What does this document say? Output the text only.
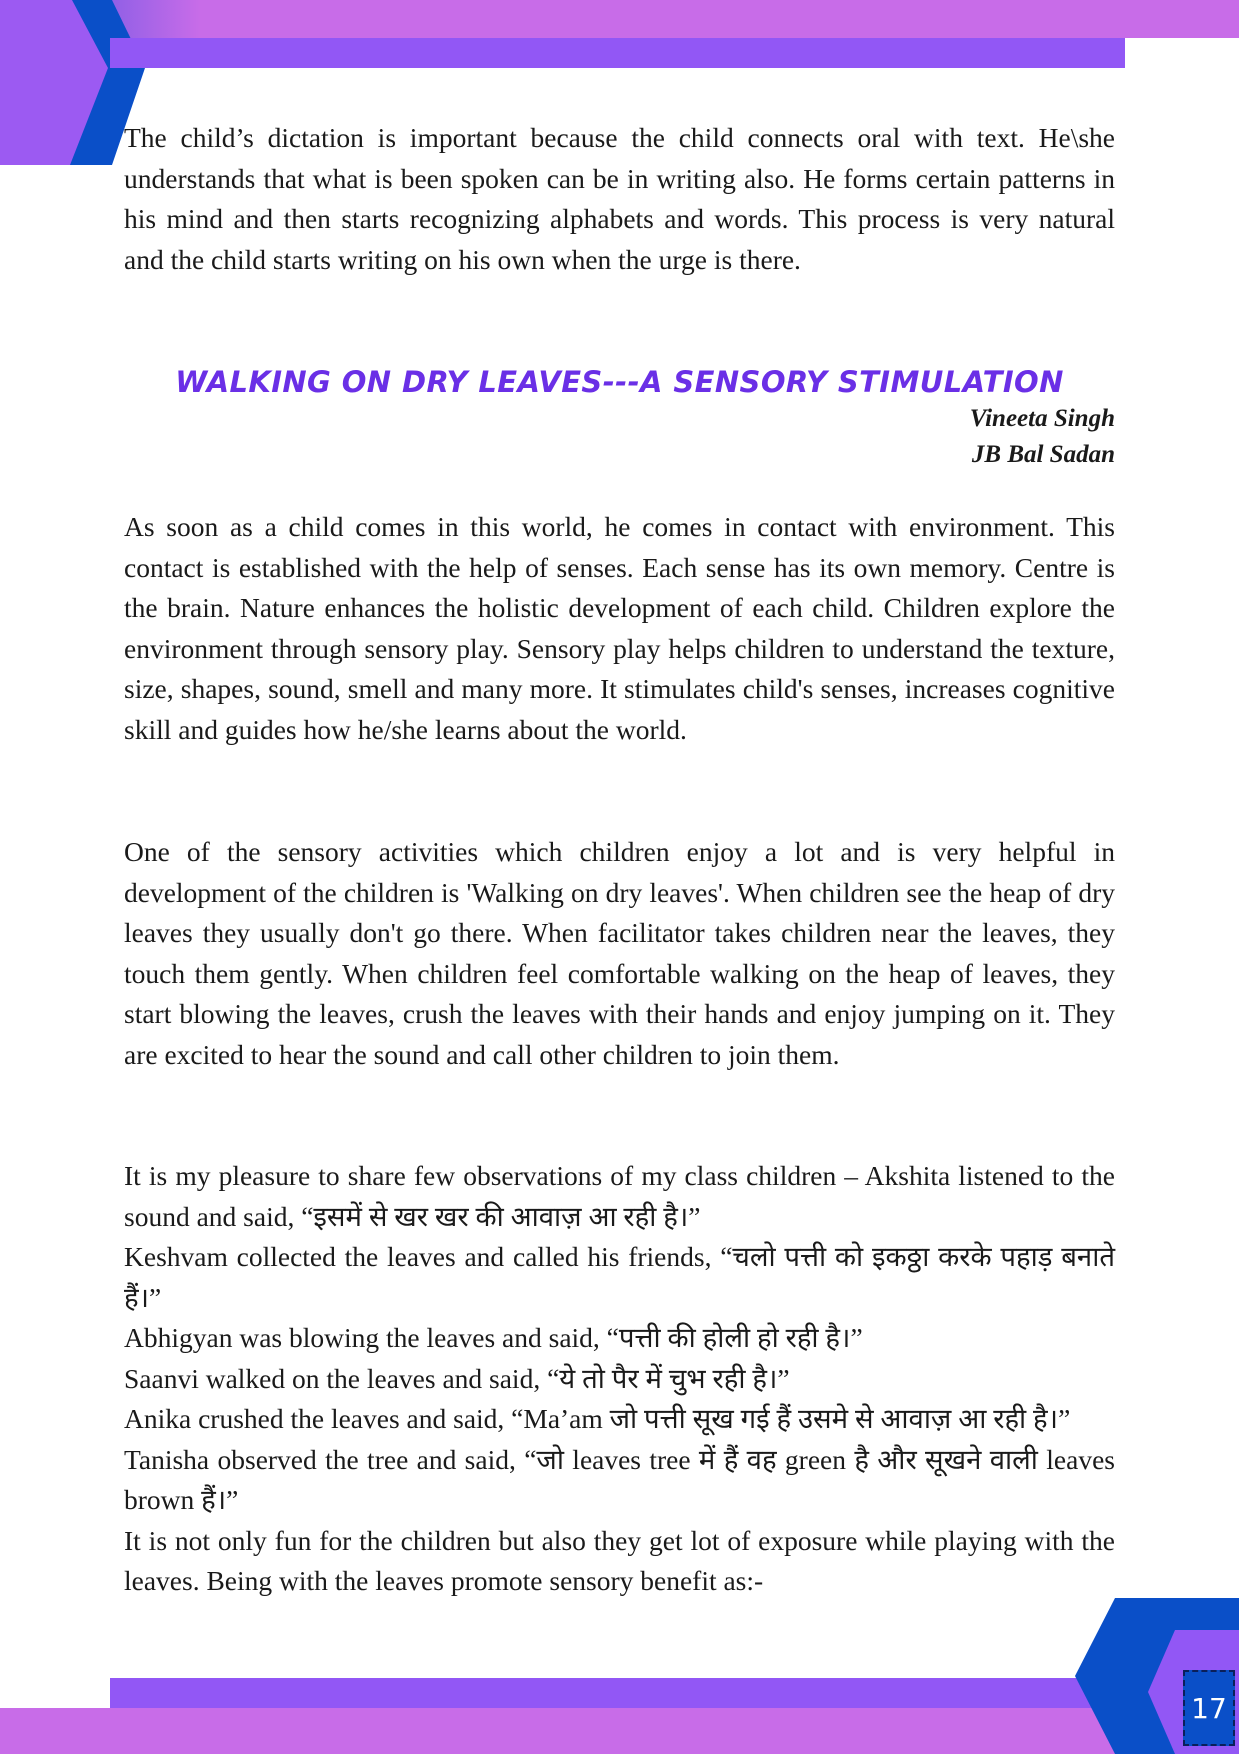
The child’s dictation is important because the child connects oral with text. He\she understands that what is been spoken can be in writing also. He forms certain patterns in his mind and then starts recognizing alphabets and words. This process is very natural and the child starts writing on his own when the urge is there.

WALKING ON DRY LEAVES---A SENSORY STIMULATION

Vineeta Singh

JB Bal Sadan

As soon as a child comes in this world, he comes in contact with environment. This contact is established with the help of senses. Each sense has its own memory. Centre is the brain. Nature enhances the holistic development of each child. Children explore the environment through sensory play. Sensory play helps children to understand the texture, size, shapes, sound, smell and many more. It stimulates child's senses, increases cognitive skill and guides how he/she learns about the world.

One of the sensory activities which children enjoy a lot and is very helpful in development of the children is 'Walking on dry leaves'. When children see the heap of dry leaves they usually don't go there. When facilitator takes children near the leaves, they touch them gently. When children feel comfortable walking on the heap of leaves, they start blowing the leaves, crush the leaves with their hands and enjoy jumping on it. They are excited to hear the sound and call other children to join them.

It is my pleasure to share few observations of my class children – Akshita listened to the sound and said, “इसमें से खर खर की आवाज़ आ रही है।”

Keshvam collected the leaves and called his friends, “चलो पत्ती को इकठ्ठा करके पहाड़ बनाते हैं।”

Abhigyan was blowing the leaves and said, “पत्ती की होली हो रही है।”

Saanvi walked on the leaves and said, “ये तो पैर में चुभ रही है।”

Anika crushed the leaves and said, “Ma’am जो पत्ती सूख गई हैं उसमे से आवाज़ आ रही है।”

Tanisha observed the tree and said, “जो leaves tree में हैं वह green है और सूखने वाली leaves brown हैं।”

It is not only fun for the children but also they get lot of exposure while playing with the leaves. Being with the leaves promote sensory benefit as:-

17
